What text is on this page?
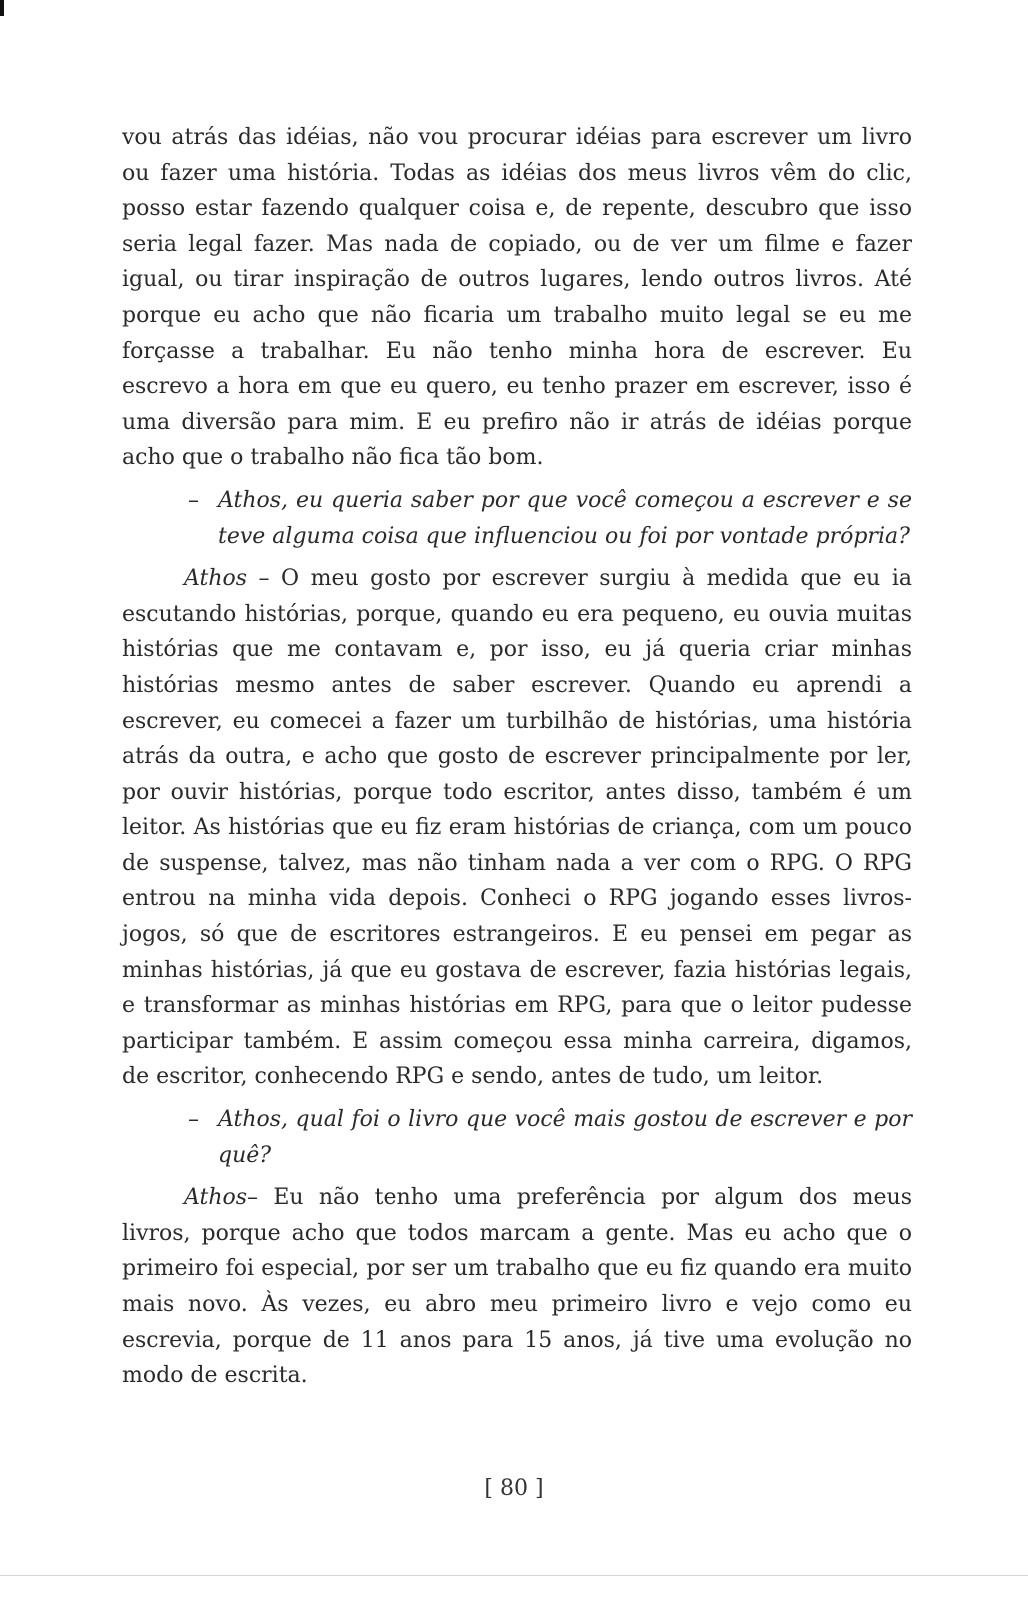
vou atrás das idéias, não vou procurar idéias para escrever um livro ou fazer uma história. Todas as idéias dos meus livros vêm do clic, posso estar fazendo qualquer coisa e, de repente, descubro que isso seria legal fazer. Mas nada de copiado, ou de ver um filme e fazer igual, ou tirar inspiração de outros lugares, lendo outros livros. Até porque eu acho que não ficaria um trabalho muito legal se eu me forçasse a trabalhar. Eu não tenho minha hora de escrever. Eu escrevo a hora em que eu quero, eu tenho prazer em escrever, isso é uma diversão para mim. E eu prefiro não ir atrás de idéias porque acho que o trabalho não fica tão bom.

– Athos, eu queria saber por que você começou a escrever e se teve alguma coisa que influenciou ou foi por vontade própria?

Athos – O meu gosto por escrever surgiu à medida que eu ia escutando histórias, porque, quando eu era pequeno, eu ouvia muitas histórias que me contavam e, por isso, eu já queria criar minhas histórias mesmo antes de saber escrever. Quando eu aprendi a escrever, eu comecei a fazer um turbilhão de histórias, uma história atrás da outra, e acho que gosto de escrever principalmente por ler, por ouvir histórias, porque todo escritor, antes disso, também é um leitor. As histórias que eu fiz eram histórias de criança, com um pouco de suspense, talvez, mas não tinham nada a ver com o RPG. O RPG entrou na minha vida depois. Conheci o RPG jogando esses livros-jogos, só que de escritores estrangeiros. E eu pensei em pegar as minhas histórias, já que eu gostava de escrever, fazia histórias legais, e transformar as minhas histórias em RPG, para que o leitor pudesse participar também. E assim começou essa minha carreira, digamos, de escritor, conhecendo RPG e sendo, antes de tudo, um leitor.

– Athos, qual foi o livro que você mais gostou de escrever e por quê?

Athos– Eu não tenho uma preferência por algum dos meus livros, porque acho que todos marcam a gente. Mas eu acho que o primeiro foi especial, por ser um trabalho que eu fiz quando era muito mais novo. Às vezes, eu abro meu primeiro livro e vejo como eu escrevia, porque de 11 anos para 15 anos, já tive uma evolução no modo de escrita.

[ 80 ]
